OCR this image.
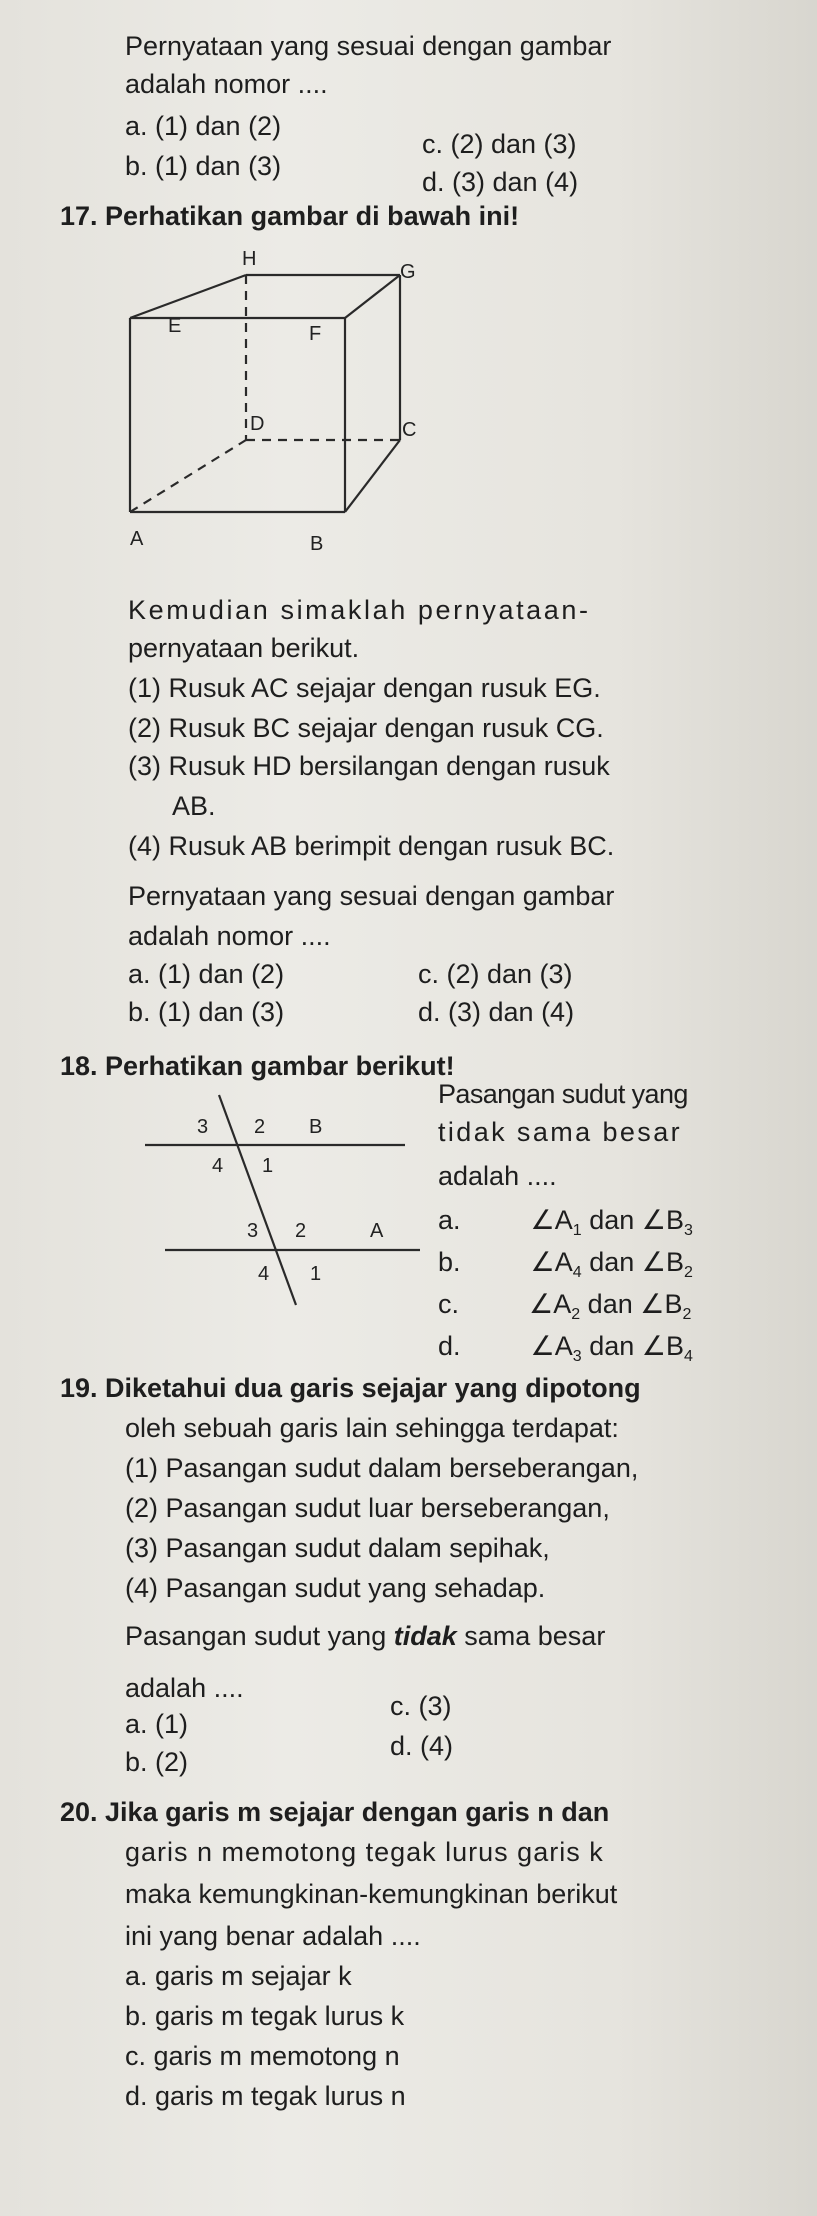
Pernyataan yang sesuai dengan gambar
adalah nomor ....
a. (1) dan (2)
c. (2) dan (3)
b. (1) dan (3)
d. (3) dan (4)
17. Perhatikan gambar di bawah ini!
H
G
E	F
D	C
A	B
Kemudian simaklah pernyataan-
pernyataan berikut.
(1) Rusuk AC sejajar dengan rusuk EG.
(2) Rusuk BC sejajar dengan rusuk CG.
(3) Rusuk HD bersilangan dengan rusuk
AB.
(4) Rusuk AB berimpit dengan rusuk BC.
Pernyataan yang sesuai dengan gambar
adalah nomor ....
a. (1) dan (2)	c. (2) dan (3)
b. (1) dan (3)	d. (3) dan (4)
18. Perhatikan gambar berikut!
3 2 B
4 1
3 2	A
4 1
Pasangan sudut yang
tidak sama besar
adalah ....
a.	$\angle A_1$ dan $\angle B_3$
b.	$\angle A_4$ dan $\angle B_2$
c.	$\angle A_2$ dan $\angle B_2$
d.	$\angle A_3$ dan $\angle B_4$
19. Diketahui dua garis sejajar yang dipotong
oleh sebuah garis lain sehingga terdapat:
(1) Pasangan sudut dalam berseberangan,
(2) Pasangan sudut luar berseberangan,
(3) Pasangan sudut dalam sepihak,
(4) Pasangan sudut yang sehadap.
Pasangan sudut yang tidak sama besar
adalah ....
a. (1)
c. (3)
b. (2)
d. (4)
20. Jika garis m sejajar dengan garis n dan
garis n memotong tegak lurus garis k
maka kemungkinan-kemungkinan berikut
ini yang benar adalah ....
a. garis m sejajar k
b. garis m tegak lurus k
c. garis m memotong n
d. garis m tegak lurus n
